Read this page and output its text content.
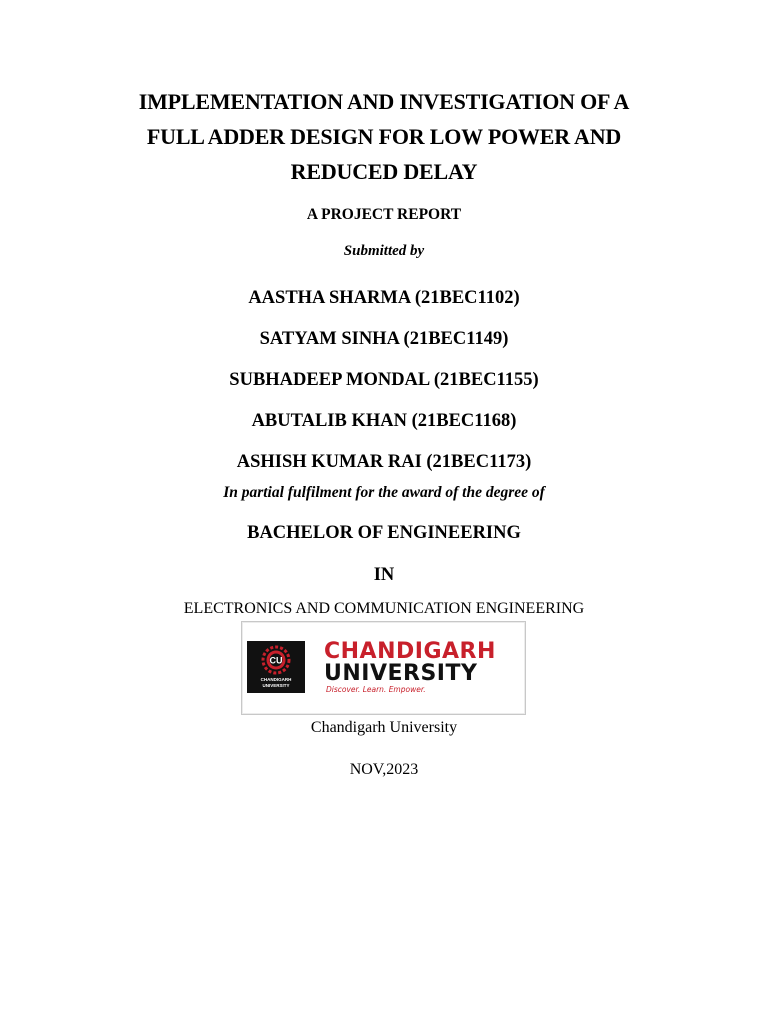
IMPLEMENTATION AND INVESTIGATION OF A
FULL ADDER DESIGN FOR LOW POWER AND
REDUCED DELAY
A PROJECT REPORT
Submitted by
AASTHA SHARMA (21BEC1102)
SATYAM SINHA (21BEC1149)
SUBHADEEP MONDAL (21BEC1155)
ABUTALIB KHAN (21BEC1168)
ASHISH KUMAR RAI (21BEC1173)
In partial fulfilment for the award of the degree of
BACHELOR OF ENGINEERING
IN
ELECTRONICS AND COMMUNICATION ENGINEERING
CU
CHANDIGARH
UNIVERSITY
CHANDIGARH
UNIVERSITY
Discover. Learn. Empower.
Chandigarh University
NOV,2023
